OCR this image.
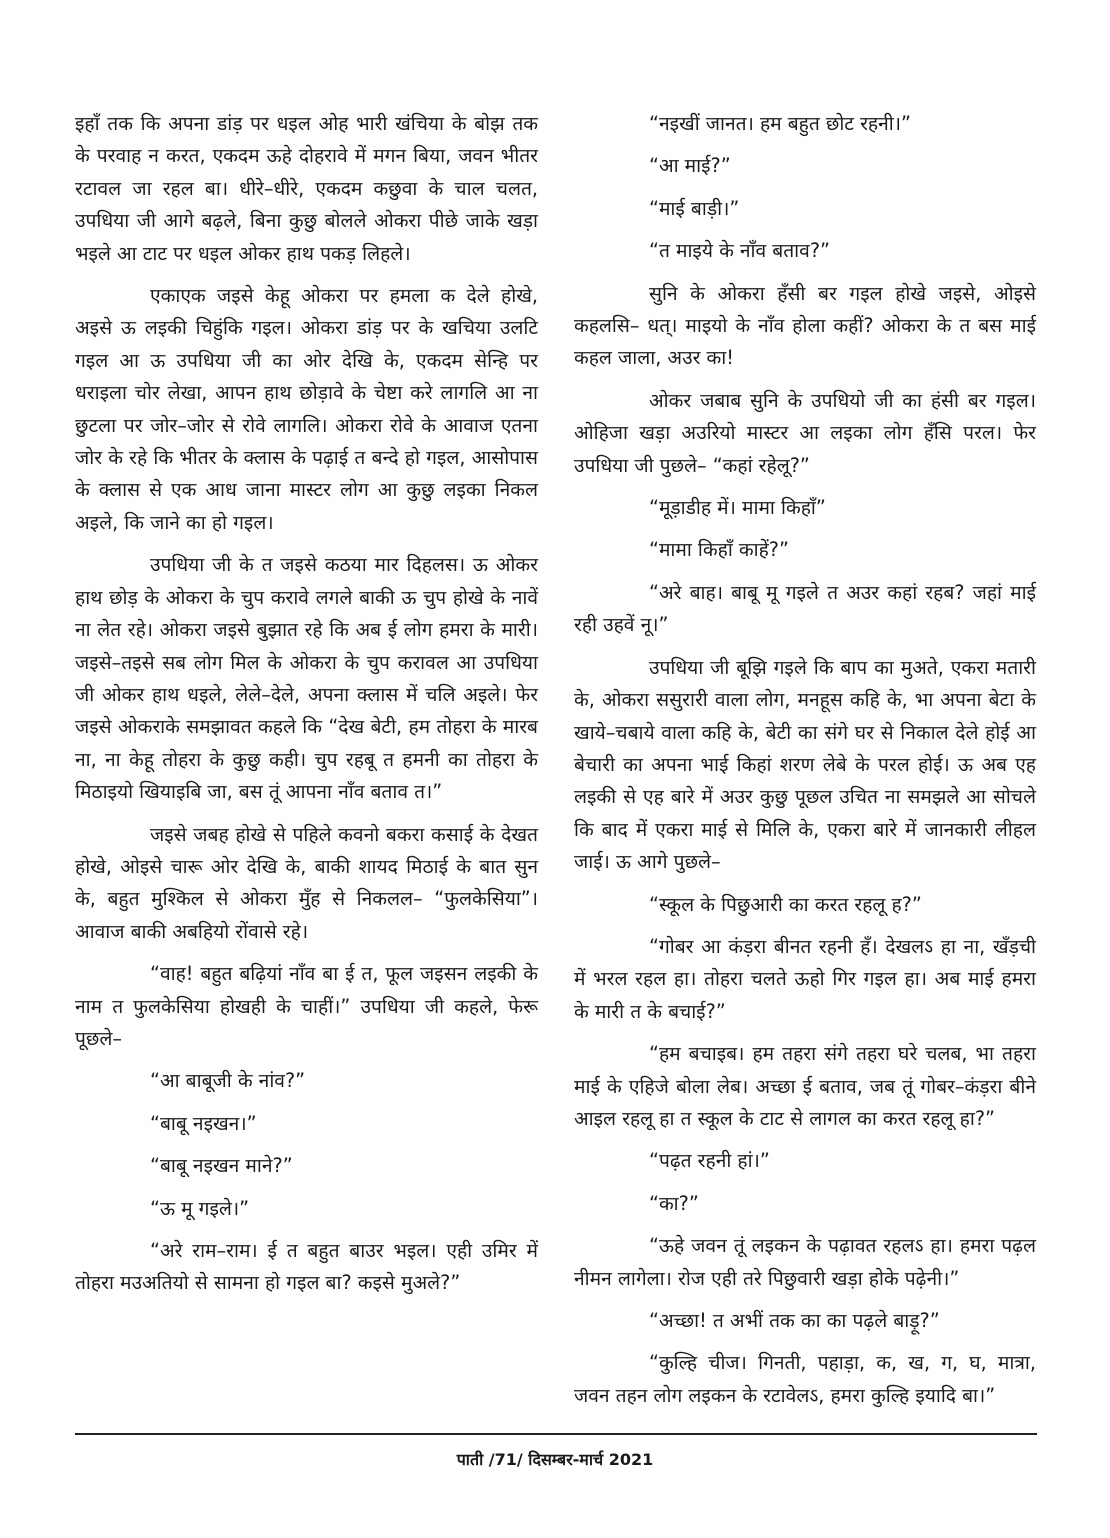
इहाँ तक कि अपना डांड़ पर धइल ओह भारी खंचिया के बोझ तक के परवाह न करत, एकदम ऊहे दोहरावे में मगन बिया, जवन भीतर रटावल जा रहल बा। धीरे–धीरे, एकदम कछुवा के चाल चलत, उपधिया जी आगे बढ़ले, बिना कुछु बोलले ओकरा पीछे जाके खड़ा भइले आ टाट पर धइल ओकर हाथ पकड़ लिहले।

एकाएक जइसे केहू ओकरा पर हमला क देले होखे, अइसे ऊ लइकी चिहुंकि गइल। ओकरा डांड़ पर के खचिया उलटि गइल आ ऊ उपधिया जी का ओर देखि के, एकदम सेन्हि पर धराइला चोर लेखा, आपन हाथ छोड़ावे के चेष्टा करे लागलि आ ना छुटला पर जोर–जोर से रोवे लागलि। ओकरा रोवे के आवाज एतना जोर के रहे कि भीतर के क्लास के पढ़ाई त बन्दे हो गइल, आसोपास के क्लास से एक आध जाना मास्टर लोग आ कुछु लइका निकल अइले, कि जाने का हो गइल।

उपधिया जी के त जइसे कठया मार दिहलस। ऊ ओकर हाथ छोड़ के ओकरा के चुप करावे लगले बाकी ऊ चुप होखे के नावें ना लेत रहे। ओकरा जइसे बुझात रहे कि अब ई लोग हमरा के मारी। जइसे–तइसे सब लोग मिल के ओकरा के चुप करावल आ उपधिया जी ओकर हाथ धइले, लेले–देले, अपना क्लास में चलि अइले। फेर जइसे ओकराके समझावत कहले कि “देख बेटी, हम तोहरा के मारब ना, ना केहू तोहरा के कुछु कही। चुप रहबू त हमनी का तोहरा के मिठाइयो खियाइबि जा, बस तूं आपना नाँव बताव त।”

जइसे जबह होखे से पहिले कवनो बकरा कसाई के देखत होखे, ओइसे चारू ओर देखि के, बाकी शायद मिठाई के बात सुन के, बहुत मुश्किल से ओकरा मुँह से निकलल– “फुलकेसिया”। आवाज बाकी अबहियो रोंवासे रहे।

“वाह! बहुत बढ़ियां नाँव बा ई त, फूल जइसन लइकी के नाम त फुलकेसिया होखही के चाहीं।” उपधिया जी कहले, फेरू पूछले–

“आ बाबूजी के नांव?”

“बाबू नइखन।”

“बाबू नइखन माने?”

“ऊ मू गइले।”

“अरे राम–राम। ई त बहुत बाउर भइल। एही उमिर में तोहरा मउअतियो से सामना हो गइल बा? कइसे मुअले?”

“नइखीं जानत। हम बहुत छोट रहनी।”

“आ माई?”

“माई बाड़ी।”

“त माइये के नाँव बताव?”

सुनि के ओकरा हँसी बर गइल होखे जइसे, ओइसे कहलसि– धत्। माइयो के नाँव होला कहीं? ओकरा के त बस माई कहल जाला, अउर का!

ओकर जबाब सुनि के उपधियो जी का हंसी बर गइल। ओहिजा खड़ा अउरियो मास्टर आ लइका लोग हँसि परल। फेर उपधिया जी पुछले– “कहां रहेलू?”

“मूड़ाडीह में। मामा किहाँ”

“मामा किहाँ काहें?”

“अरे बाह। बाबू मू गइले त अउर कहां रहब? जहां माई रही उहवें नू।”

उपधिया जी बूझि गइले कि बाप का मुअते, एकरा मतारी के, ओकरा ससुरारी वाला लोग, मनहूस कहि के, भा अपना बेटा के खाये–चबाये वाला कहि के, बेटी का संगे घर से निकाल देले होई आ बेचारी का अपना भाई किहां शरण लेबे के परल होई। ऊ अब एह लइकी से एह बारे में अउर कुछु पूछल उचित ना समझले आ सोचले कि बाद में एकरा माई से मिलि के, एकरा बारे में जानकारी लीहल जाई। ऊ आगे पुछले–

“स्कूल के पिछुआरी का करत रहलू ह?”

“गोबर आ कंड़रा बीनत रहनी हँ। देखलऽ हा ना, खँड़ची में भरल रहल हा। तोहरा चलते ऊहो गिर गइल हा। अब माई हमरा के मारी त के बचाई?”

“हम बचाइब। हम तहरा संगे तहरा घरे चलब, भा तहरा माई के एहिजे बोला लेब। अच्छा ई बताव, जब तूं गोबर–कंड़रा बीने आइल रहलू हा त स्कूल के टाट से लागल का करत रहलू हा?”

“पढ़त रहनी हां।”

“का?”

“ऊहे जवन तूं लइकन के पढ़ावत रहलऽ हा। हमरा पढ़ल नीमन लागेला। रोज एही तरे पिछुवारी खड़ा होके पढ़ेनी।”

“अच्छा! त अभीं तक का का पढ़ले बाड़ू?”

“कुल्हि चीज। गिनती, पहाड़ा, क, ख, ग, घ, मात्रा, जवन तहन लोग लइकन के रटावेलऽ, हमरा कुल्हि इयादि बा।”

पाती /71/ दिसम्बर-मार्च 2021
